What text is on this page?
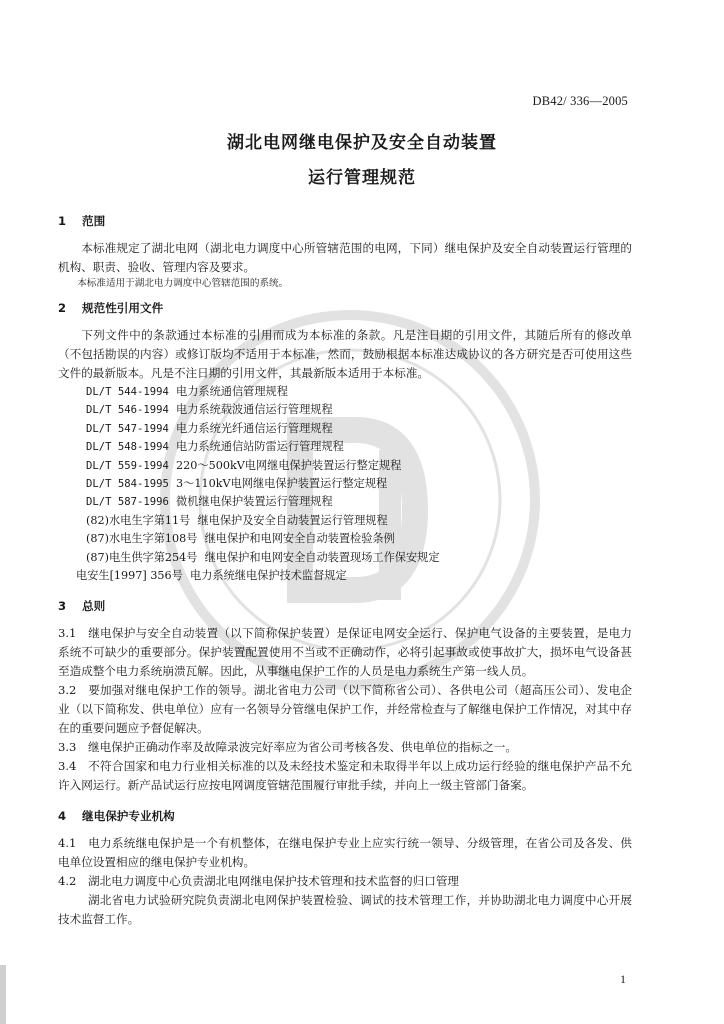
DB42/ 336—2005
湖北电网继电保护及安全自动装置
运行管理规范
1 范围

本标准规定了湖北电网（湖北电力调度中心所管辖范围的电网，下同）继电保护及安全自动装置运行管理的机构、职责、验收、管理内容及要求。

本标准适用于湖北电力调度中心管辖范围的系统。

2 规范性引用文件

下列文件中的条款通过本标准的引用而成为本标准的条款。凡是注日期的引用文件，其随后所有的修改单（不包括勘误的内容）或修订版均不适用于本标准，然而，鼓励根据本标准达成协议的各方研究是否可使用这些文件的最新版本。凡是不注日期的引用文件，其最新版本适用于本标准。

DL/T 544-1994 电力系统通信管理规程

DL/T 546-1994 电力系统载波通信运行管理规程

DL/T 547-1994 电力系统光纤通信运行管理规程

DL/T 548-1994 电力系统通信站防雷运行管理规程

DL/T 559-1994 220～500kV电网继电保护装置运行整定规程

DL/T 584-1995 3～110kV电网继电保护装置运行整定规程

DL/T 587-1996 微机继电保护装置运行管理规程

(82)水电生字第11号 继电保护及安全自动装置运行管理规程

(87)水电生字第108号 继电保护和电网安全自动装置检验条例

(87)电生供字第254号 继电保护和电网安全自动装置现场工作保安规定

电安生[1997] 356号 电力系统继电保护技术监督规定

3 总则

3.1 继电保护与安全自动装置（以下简称保护装置）是保证电网安全运行、保护电气设备的主要装置，是电力系统不可缺少的重要部分。保护装置配置使用不当或不正确动作，必将引起事故或使事故扩大，损坏电气设备甚至造成整个电力系统崩溃瓦解。因此，从事继电保护工作的人员是电力系统生产第一线人员。

3.2 要加强对继电保护工作的领导。湖北省电力公司（以下简称省公司）、各供电公司（超高压公司）、发电企业（以下简称发、供电单位）应有一名领导分管继电保护工作，并经常检查与了解继电保护工作情况，对其中存在的重要问题应予督促解决。

3.3 继电保护正确动作率及故障录波完好率应为省公司考核各发、供电单位的指标之一。

3.4 不符合国家和电力行业相关标准的以及未经技术鉴定和未取得半年以上成功运行经验的继电保护产品不允许入网运行。新产品试运行应按电网调度管辖范围履行审批手续，并向上一级主管部门备案。

4 继电保护专业机构

4.1 电力系统继电保护是一个有机整体，在继电保护专业上应实行统一领导、分级管理，在省公司及各发、供电单位设置相应的继电保护专业机构。

4.2 湖北电力调度中心负责湖北电网继电保护技术管理和技术监督的归口管理

湖北省电力试验研究院负责湖北电网保护装置检验、调试的技术管理工作，并协助湖北电力调度中心开展技术监督工作。

1
